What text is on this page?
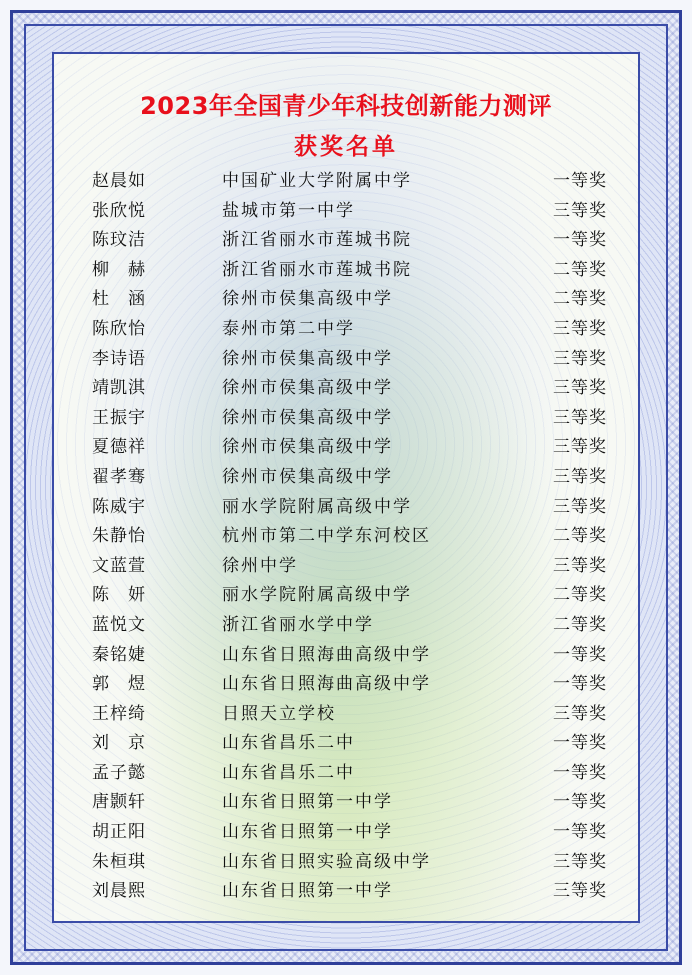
2023年全国青少年科技创新能力测评
获奖名单
赵晨如	中国矿业大学附属中学	一等奖
张欣悦	盐城市第一中学	三等奖
陈玟洁	浙江省丽水市莲城书院	一等奖
柳　赫	浙江省丽水市莲城书院	二等奖
杜　涵	徐州市侯集高级中学	二等奖
陈欣怡	泰州市第二中学	三等奖
李诗语	徐州市侯集高级中学	三等奖
靖凯淇	徐州市侯集高级中学	三等奖
王振宇	徐州市侯集高级中学	三等奖
夏德祥	徐州市侯集高级中学	三等奖
翟孝骞	徐州市侯集高级中学	三等奖
陈威宇	丽水学院附属高级中学	三等奖
朱静怡	杭州市第二中学东河校区	二等奖
文蓝萱	徐州中学	三等奖
陈　妍	丽水学院附属高级中学	二等奖
蓝悦文	浙江省丽水学中学	二等奖
秦铭婕	山东省日照海曲高级中学	一等奖
郭　煜	山东省日照海曲高级中学	一等奖
王梓绮	日照天立学校	三等奖
刘　京	山东省昌乐二中	一等奖
孟子懿	山东省昌乐二中	一等奖
唐颢轩	山东省日照第一中学	一等奖
胡正阳	山东省日照第一中学	一等奖
朱桓琪	山东省日照实验高级中学	三等奖
刘晨熙	山东省日照第一中学	三等奖
